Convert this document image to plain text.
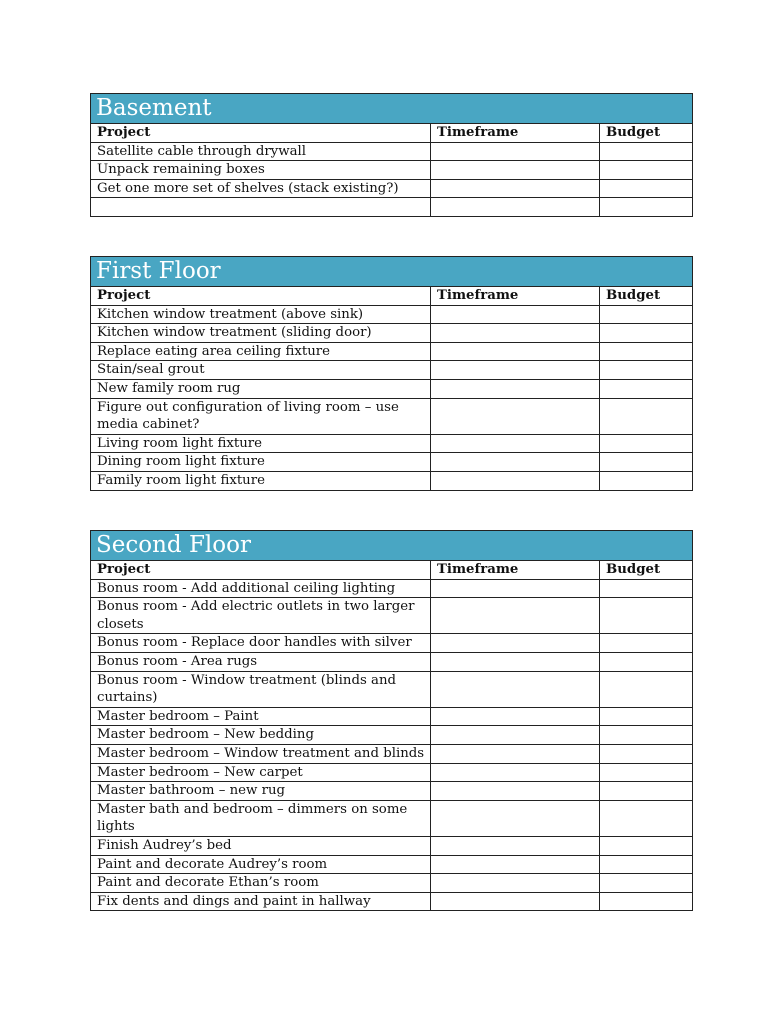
Basement		
Project	Timeframe	Budget
Satellite cable through drywall		
Unpack remaining boxes		
Get one more set of shelves (stack existing?)		

First Floor		
Project	Timeframe	Budget
Kitchen window treatment (above sink)		
Kitchen window treatment (sliding door)		
Replace eating area ceiling fixture		
Stain/seal grout		
New family room rug		
Figure out configuration of living room – use media cabinet?		
Living room light fixture		
Dining room light fixture		
Family room light fixture		
Second Floor		
Project	Timeframe	Budget
Bonus room - Add additional ceiling lighting		
Bonus room - Add electric outlets in two larger closets		
Bonus room - Replace door handles with silver		
Bonus room - Area rugs		
Bonus room - Window treatment (blinds and curtains)		
Master bedroom – Paint		
Master bedroom – New bedding		
Master bedroom – Window treatment and blinds		
Master bedroom – New carpet		
Master bathroom – new rug		
Master bath and bedroom – dimmers on some lights		
Finish Audrey’s bed		
Paint and decorate Audrey’s room		
Paint and decorate Ethan’s room		
Fix dents and dings and paint in hallway		
